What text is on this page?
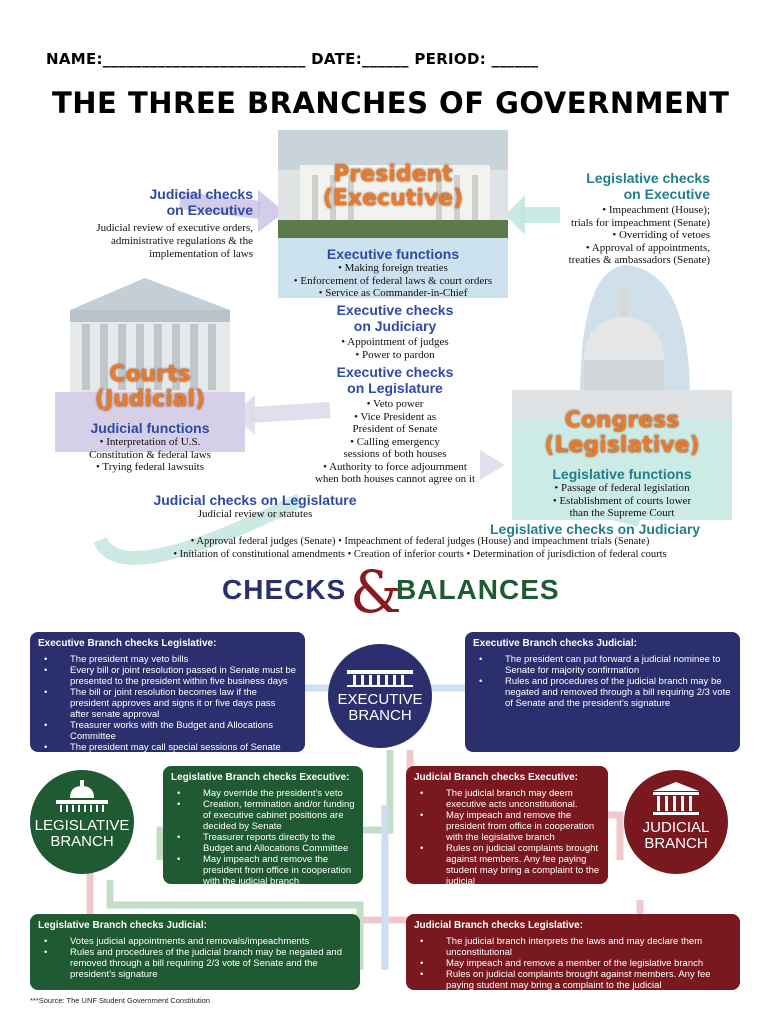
NAME:__________________________ DATE:______ PERIOD: ______
THE THREE BRANCHES OF GOVERNMENT
President
(Executive)
Courts
(Judicial)
Congress
(Legislative)
Judicial checks
on Executive
Judicial review of executive orders, administrative regulations & the implementation of laws
Legislative checks
on Executive
• Impeachment (House);
trials for impeachment (Senate)
• Overriding of vetoes
• Approval of appointments,
treaties & ambassadors (Senate)
Executive functions
• Making foreign treaties
• Enforcement of federal laws & court orders
• Service as Commander-in-Chief
Executive checks
on Judiciary
• Appointment of judges
• Power to pardon
Executive checks
on Legislature
• Veto power
• Vice President as
President of Senate
• Calling emergency
sessions of both houses
• Authority to force adjournment
when both houses cannot agree on it
Judicial functions
• Interpretation of U.S.
Constitution & federal laws
• Trying federal lawsuits	Legislative functions
• Passage of federal legislation
• Establishment of courts lower
than the Supreme Court
Judicial checks on Legislature
Judicial review or statutes
Legislative checks on Judiciary
• Approval federal judges (Senate) • Impeachment of federal judges (House) and impeachment trials (Senate)
• Initiation of constitutional amendments • Creation of inferior courts • Determination of jurisdiction of federal courts
CHECKS &
BALANCES
Executive Branch checks Legislative:
• The president may veto bills
• Every bill or joint resolution passed in Senate must be presented to the president within five business days
• The bill or joint resolution becomes law if the president approves and signs it or five days pass after senate approval
• Treasurer works with the Budget and Allocations Committee
• The president may call special sessions of Senate
Executive Branch checks Judicial:
• The president can put forward a judicial nominee to Senate for majority confirmation
• Rules and procedures of the judicial branch may be negated and removed through a bill requiring 2/3 vote of Senate and the president’s signature
EXECUTIVE
BRANCH
LEGISLATIVE
BRANCH
JUDICIAL
BRANCH
Legislative Branch checks Executive:
• May override the president’s veto
• Creation, termination and/or funding of executive cabinet positions are decided by Senate
• Treasurer reports directly to the Budget and Allocations Committee
• May impeach and remove the president from office in cooperation with the judicial branch
Judicial Branch checks Executive:
• The judicial branch may deem executive acts unconstitutional.
• May impeach and remove the president from office in cooperation with the legislative branch
• Rules on judicial complaints brought against members. Any fee paying student may bring a complaint to the judicial
Legislative Branch checks Judicial:
• Votes judicial appointments and removals/impeachments
• Rules and procedures of the judicial branch may be negated and removed through a bill requiring 2/3 vote of Senate and the president’s signature
Judicial Branch checks Legislative:
• The judicial branch interprets the laws and may declare them unconstitutional
• May impeach and remove a member of the legislative branch
• Rules on judicial complaints brought against members. Any fee paying student may bring a complaint to the judicial
***Source: The UNF Student Government Constitution
